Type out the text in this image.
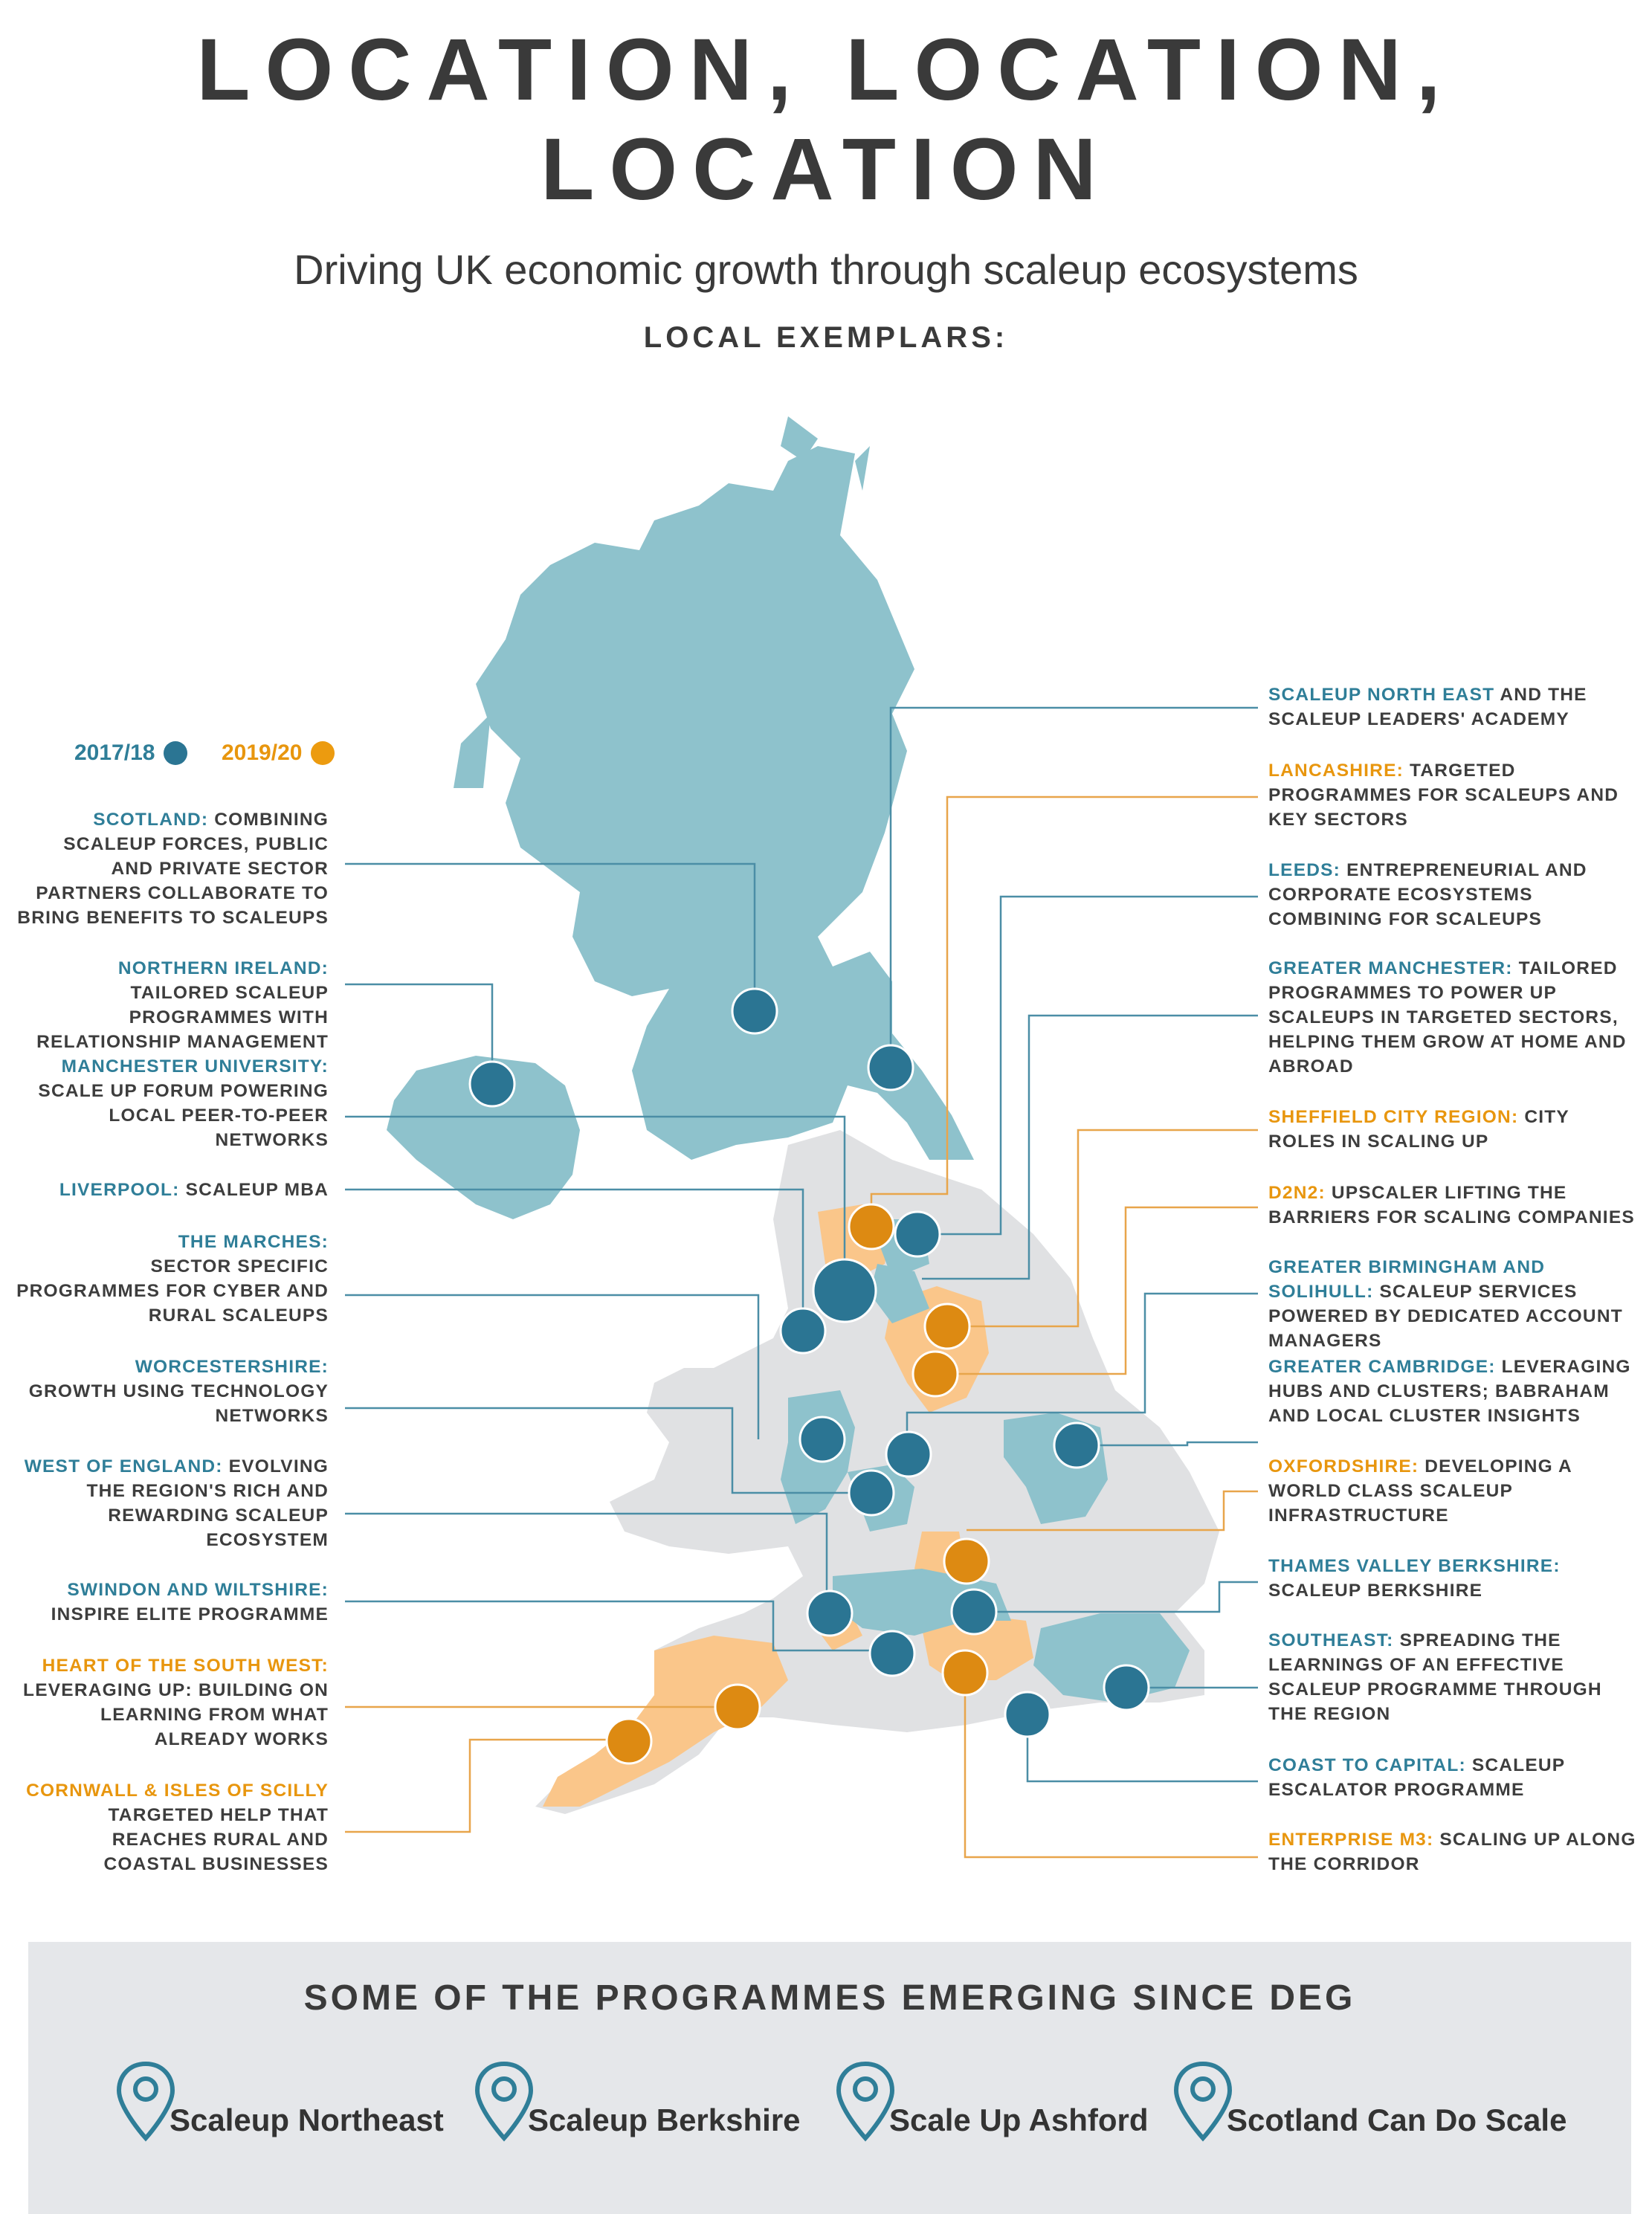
LOCATION, LOCATION,
LOCATION
Driving UK economic growth through scaleup ecosystems
LOCAL EXEMPLARS:
2017/18	2019/20
SCOTLAND: COMBINING SCALEUP FORCES, PUBLIC AND PRIVATE SECTOR PARTNERS COLLABORATE TO BRING BENEFITS TO SCALEUPS
NORTHERN IRELAND: TAILORED SCALEUP PROGRAMMES WITH RELATIONSHIP MANAGEMENT
MANCHESTER UNIVERSITY: SCALE UP FORUM POWERING LOCAL PEER-TO-PEER NETWORKS
LIVERPOOL: SCALEUP MBA
THE MARCHES:
SECTOR SPECIFIC PROGRAMMES FOR CYBER AND RURAL SCALEUPS
WORCESTERSHIRE:
GROWTH USING TECHNOLOGY NETWORKS
WEST OF ENGLAND: EVOLVING THE REGION'S RICH AND REWARDING SCALEUP ECOSYSTEM
SWINDON AND WILTSHIRE:
INSPIRE ELITE PROGRAMME
HEART OF THE SOUTH WEST:
LEVERAGING UP: BUILDING ON LEARNING FROM WHAT ALREADY WORKS
CORNWALL & ISLES OF SCILLY
TARGETED HELP THAT REACHES RURAL AND COASTAL BUSINESSES
SCALEUP NORTH EAST AND THE SCALEUP LEADERS' ACADEMY
LANCASHIRE: TARGETED PROGRAMMES FOR SCALEUPS AND KEY SECTORS
LEEDS: ENTREPRENEURIAL AND CORPORATE ECOSYSTEMS COMBINING FOR SCALEUPS
GREATER MANCHESTER: TAILORED PROGRAMMES TO POWER UP SCALEUPS IN TARGETED SECTORS, HELPING THEM GROW AT HOME AND ABROAD
SHEFFIELD CITY REGION: CITY ROLES IN SCALING UP
D2N2: UPSCALER LIFTING THE BARRIERS FOR SCALING COMPANIES
GREATER BIRMINGHAM AND SOLIHULL: SCALEUP SERVICES POWERED BY DEDICATED ACCOUNT MANAGERS
GREATER CAMBRIDGE: LEVERAGING HUBS AND CLUSTERS; BABRAHAM AND LOCAL CLUSTER INSIGHTS
OXFORDSHIRE: DEVELOPING A WORLD CLASS SCALEUP INFRASTRUCTURE
THAMES VALLEY BERKSHIRE: SCALEUP BERKSHIRE
SOUTHEAST: SPREADING THE LEARNINGS OF AN EFFECTIVE SCALEUP PROGRAMME THROUGH THE REGION
COAST TO CAPITAL: SCALEUP ESCALATOR PROGRAMME
ENTERPRISE M3: SCALING UP ALONG THE CORRIDOR
SOME OF THE PROGRAMMES EMERGING SINCE DEG
Scaleup Northeast	Scaleup Berkshire	Scale Up Ashford	Scotland Can Do Scale
